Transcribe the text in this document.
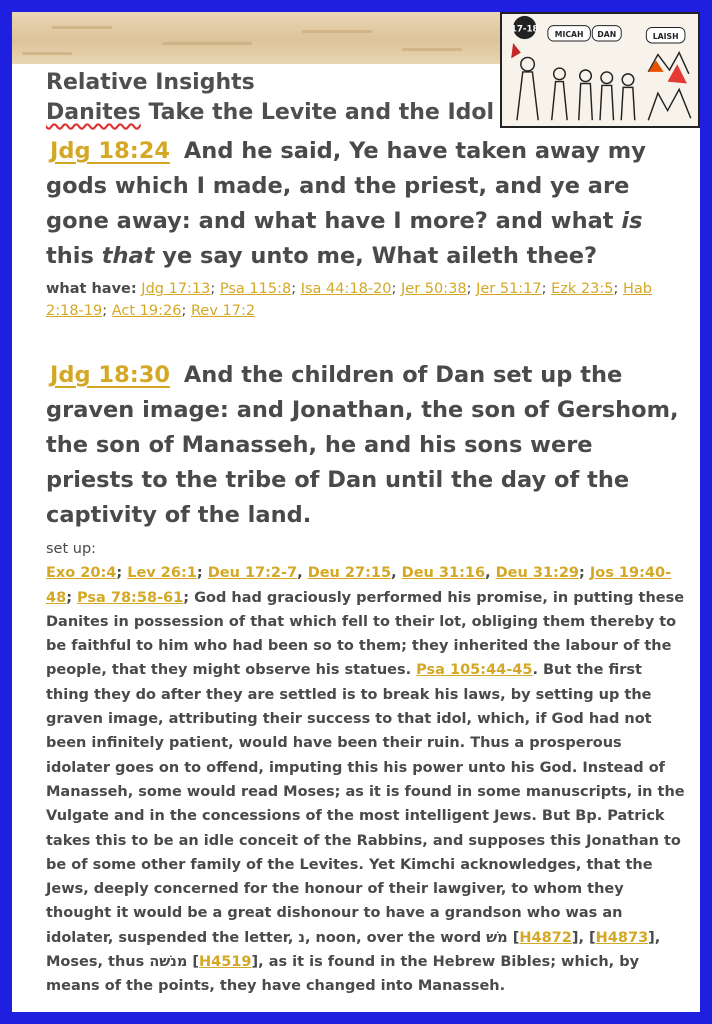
17-18
MICAH DAN	LAISH

Relative Insights

Danites Take the Levite and the Idol

Jdg 18:24 And he said, Ye have taken away my gods which I made, and the priest, and ye are gone away: and what have I more? and what is this that ye say unto me, What aileth thee?

what have: Jdg 17:13; Psa 115:8; Isa 44:18-20; Jer 50:38; Jer 51:17; Ezk 23:5; Hab 2:18-19; Act 19:26; Rev 17:2

Jdg 18:30 And the children of Dan set up the graven image: and Jonathan, the son of Gershom, the son of Manasseh, he and his sons were priests to the tribe of Dan until the day of the captivity of the land.

set up:
Exo 20:4; Lev 26:1; Deu 17:2-7, Deu 27:15, Deu 31:16, Deu 31:29; Jos 19:40-48; Psa 78:58-61; God had graciously performed his promise, in putting these Danites in possession of that which fell to their lot, obliging them thereby to be faithful to him who had been so to them; they inherited the labour of the people, that they might observe his statues. Psa 105:44-45. But the first thing they do after they are settled is to break his laws, by setting up the graven image, attributing their success to that idol, which, if God had not been infinitely patient, would have been their ruin. Thus a prosperous idolater goes on to offend, imputing this his power unto his God. Instead of Manasseh, some would read Moses; as it is found in some manuscripts, in the Vulgate and in the concessions of the most intelligent Jews. But Bp. Patrick takes this to be an idle conceit of the Rabbins, and supposes this Jonathan to be of some other family of the Levites. Yet Kimchi acknowledges, that the Jews, deeply concerned for the honour of their lawgiver, to whom they thought it would be a great dishonour to have a grandson who was an idolater, suspended the letter, נ, noon, over the word משׁ [H4872], [H4873], Moses, thus מנשׁה [H4519], as it is found in the Hebrew Bibles; which, by means of the points, they have changed into Manasseh.
